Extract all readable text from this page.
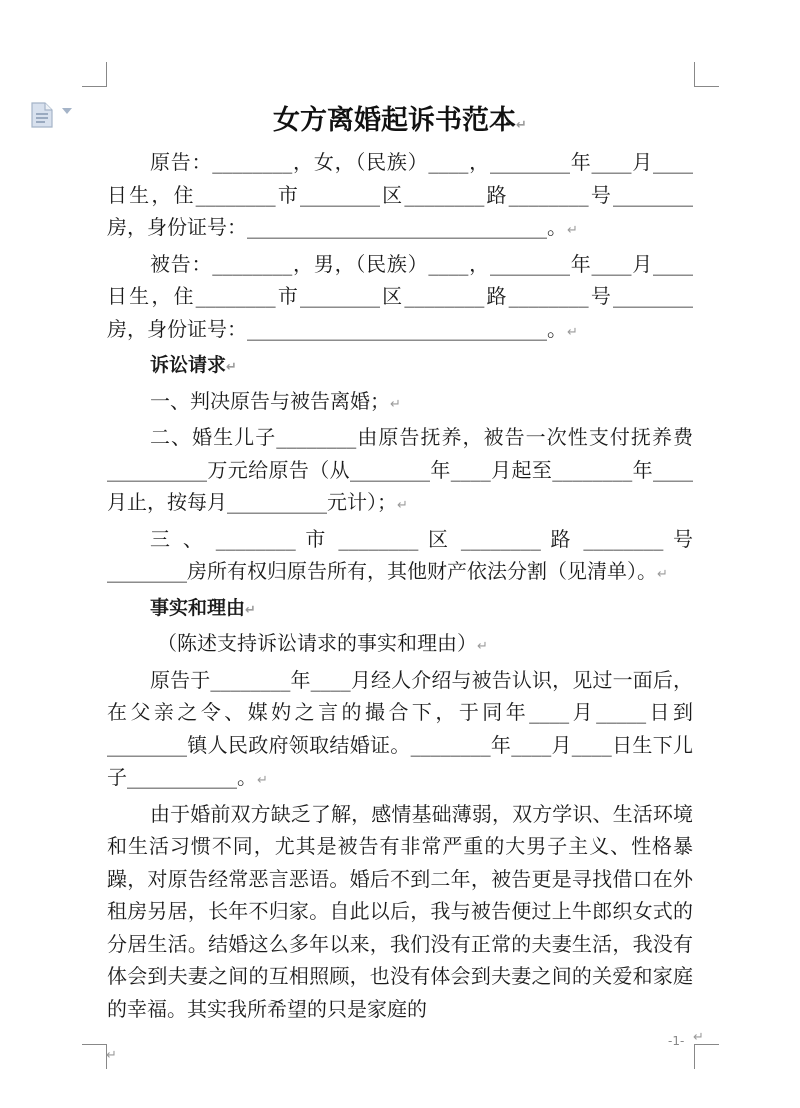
女方离婚起诉书范本↵

原告：________，女，（民族）____，________年____月____日生，住________市________区________路________号________房，身份证号：______________________________。↵

被告：________，男，（民族）____，________年____月____日生，住________市________区________路________号________房，身份证号：______________________________。↵

诉讼请求↵

一、判决原告与被告离婚；↵

二、婚生儿子________由原告抚养，被告一次性支付抚养费__________万元给原告（从________年____月起至________年____月止，按每月__________元计）；↵

三 、 ________ 市 ________ 区 ________ 路 ________ 号________房所有权归原告所有，其他财产依法分割（见清单）。↵

事实和理由↵

（陈述支持诉讼请求的事实和理由）↵

原告于________年____月经人介绍与被告认识，见过一面后，在父亲之令、媒妁之言的撮合下，于同年____月_____日到________镇人民政府领取结婚证。________年____月____日生下儿子___________。↵

由于婚前双方缺乏了解，感情基础薄弱，双方学识、生活环境和生活习惯不同，尤其是被告有非常严重的大男子主义、性格暴躁，对原告经常恶言恶语。婚后不到二年，被告更是寻找借口在外租房另居，长年不归家。自此以后，我与被告便过上牛郎织女式的分居生活。结婚这么多年以来，我们没有正常的夫妻生活，我没有体会到夫妻之间的互相照顾，也没有体会到夫妻之间的关爱和家庭的幸福。其实我所希望的只是家庭的

-1-
↵
↵
